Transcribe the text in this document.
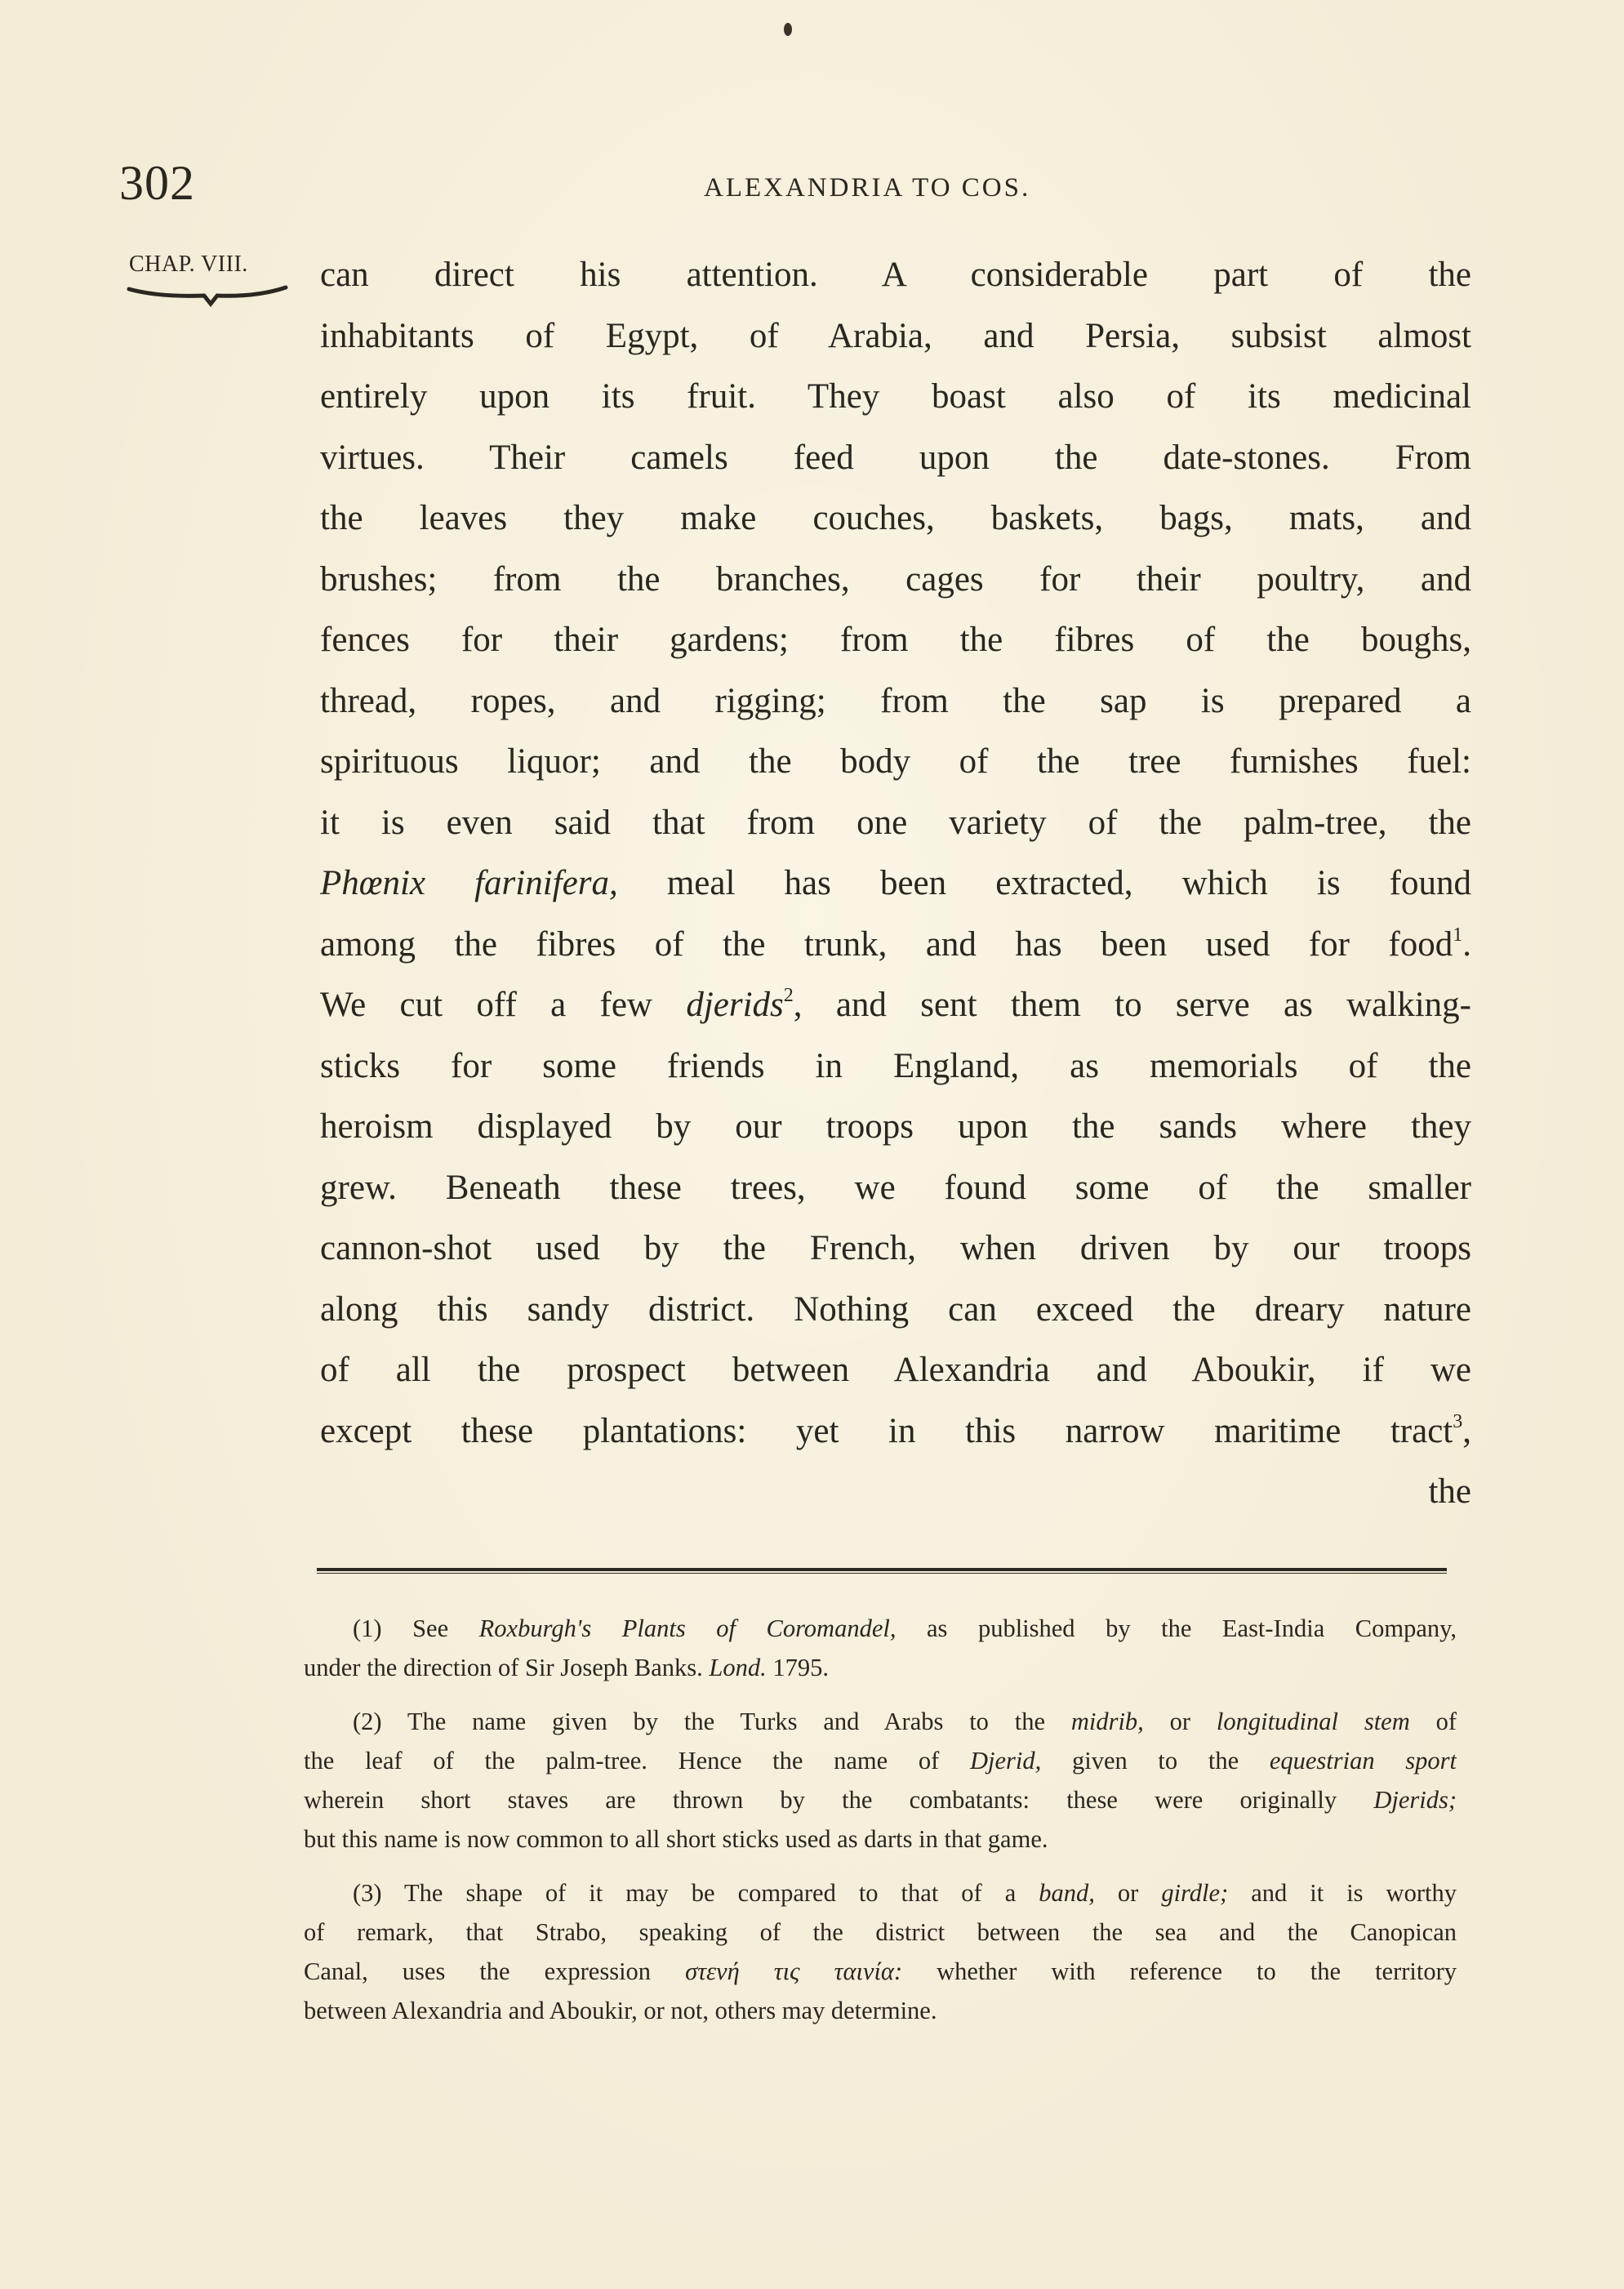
302	ALEXANDRIA TO COS.
CHAP. VIII. can direct his attention. A considerable part of the
inhabitants of Egypt, of Arabia, and Persia, subsist almost
entirely upon its fruit. They boast also of its medicinal
virtues. Their camels feed upon the date-stones. From
the leaves they make couches, baskets, bags, mats, and
brushes; from the branches, cages for their poultry, and
fences for their gardens; from the fibres of the boughs,
thread, ropes, and rigging; from the sap is prepared a
spirituous liquor; and the body of the tree furnishes fuel:
it is even said that from one variety of the palm-tree, the
Phœnix farinifera, meal has been extracted, which is found
among the fibres of the trunk, and has been used for food$^1$.
We cut off a few djerids$^2$, and sent them to serve as walking-
sticks for some friends in England, as memorials of the
heroism displayed by our troops upon the sands where they
grew. Beneath these trees, we found some of the smaller
cannon-shot used by the French, when driven by our troops
along this sandy district. Nothing can exceed the dreary nature
of all the prospect between Alexandria and Aboukir, if we
except these plantations: yet in this narrow maritime tract$^3$,
the
(1) See Roxburgh's Plants of Coromandel, as published by the East-India Company,
under the direction of Sir Joseph Banks. Lond. 1795.
(2) The name given by the Turks and Arabs to the midrib, or longitudinal stem of
the leaf of the palm-tree. Hence the name of Djerid, given to the equestrian sport
wherein short staves are thrown by the combatants: these were originally Djerids;
but this name is now common to all short sticks used as darts in that game.
(3) The shape of it may be compared to that of a band, or girdle; and it is worthy
of remark, that Strabo, speaking of the district between the sea and the Canopican
Canal, uses the expression στενή τις ταινία: whether with reference to the territory
between Alexandria and Aboukir, or not, others may determine.
